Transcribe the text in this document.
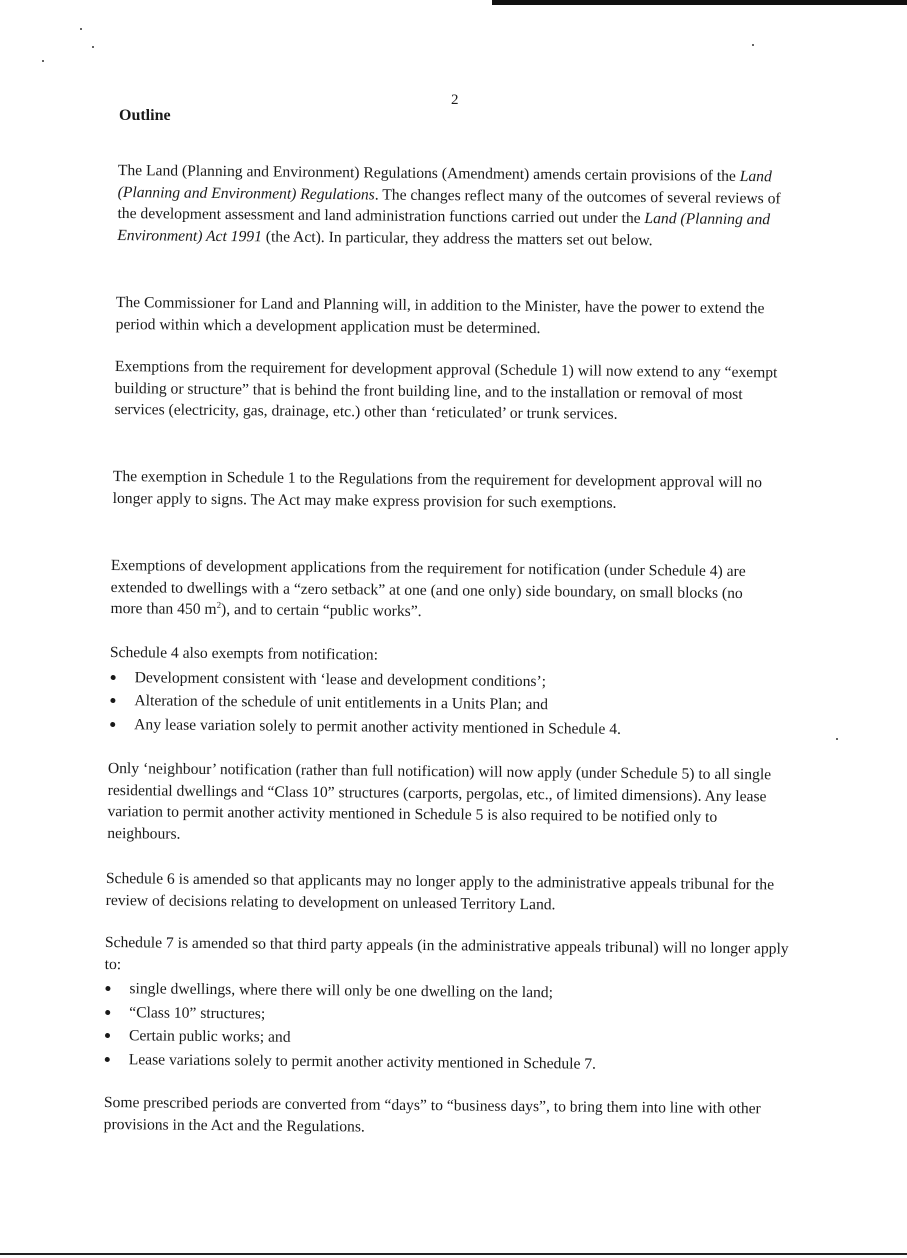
2
Outline

The Land (Planning and Environment) Regulations (Amendment) amends certain provisions of the Land (Planning and Environment) Regulations. The changes reflect many of the outcomes of several reviews of the development assessment and land administration functions carried out under the Land (Planning and Environment) Act 1991 (the Act). In particular, they address the matters set out below.

The Commissioner for Land and Planning will, in addition to the Minister, have the power to extend the period within which a development application must be determined.

Exemptions from the requirement for development approval (Schedule 1) will now extend to any “exempt building or structure” that is behind the front building line, and to the installation or removal of most services (electricity, gas, drainage, etc.) other than ‘reticulated’ or trunk services.

The exemption in Schedule 1 to the Regulations from the requirement for development approval will no longer apply to signs. The Act may make express provision for such exemptions.

Exemptions of development applications from the requirement for notification (under Schedule 4) are extended to dwellings with a “zero setback” at one (and one only) side boundary, on small blocks (no more than 450 $m^2$), and to certain “public works”.

Schedule 4 also exempts from notification:

Development consistent with ‘lease and development conditions’;
Alteration of the schedule of unit entitlements in a Units Plan; and
Any lease variation solely to permit another activity mentioned in Schedule 4.

Only ‘neighbour’ notification (rather than full notification) will now apply (under Schedule 5) to all single residential dwellings and “Class 10” structures (carports, pergolas, etc., of limited dimensions). Any lease variation to permit another activity mentioned in Schedule 5 is also required to be notified only to neighbours.

Schedule 6 is amended so that applicants may no longer apply to the administrative appeals tribunal for the review of decisions relating to development on unleased Territory Land.

Schedule 7 is amended so that third party appeals (in the administrative appeals tribunal) will no longer apply to:

single dwellings, where there will only be one dwelling on the land;
“Class 10” structures;
Certain public works; and
Lease variations solely to permit another activity mentioned in Schedule 7.

Some prescribed periods are converted from “days” to “business days”, to bring them into line with other provisions in the Act and the Regulations.
